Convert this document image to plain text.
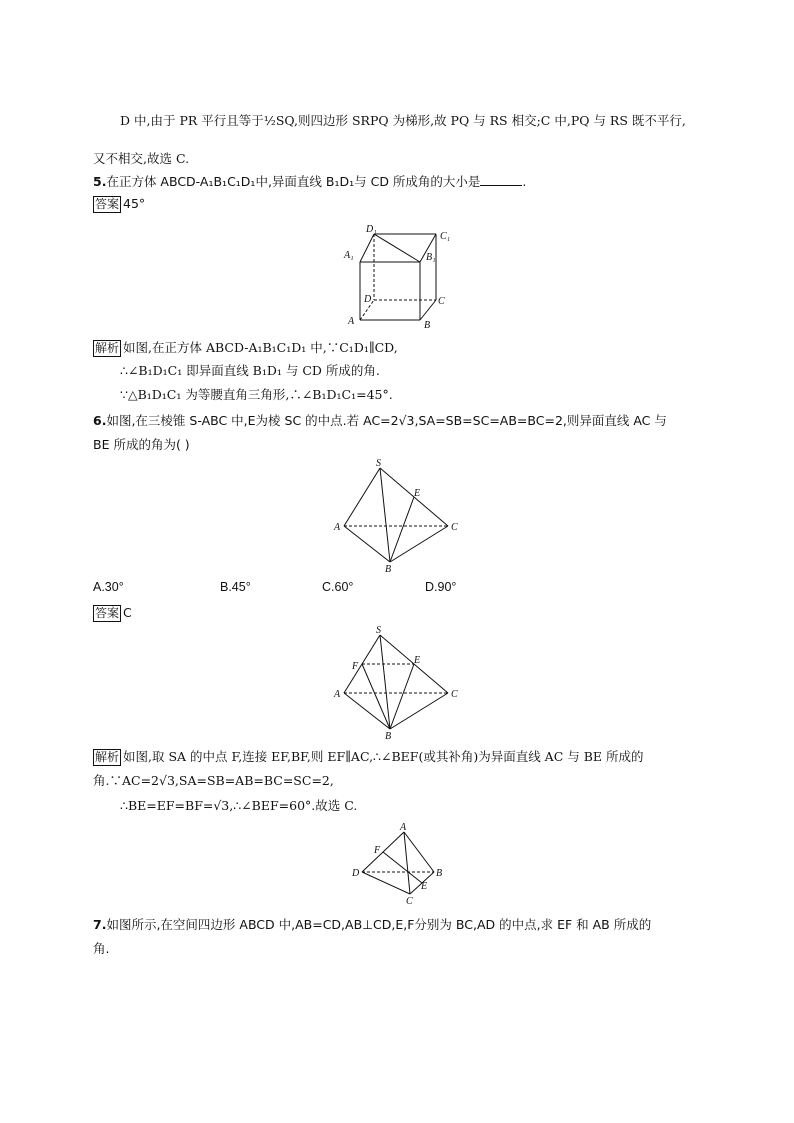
D 中,由于 PR 平行且等于½SQ,则四边形 SRPQ 为梯形,故 PQ 与 RS 相交;C 中,PQ 与 RS 既不平行,
又不相交,故选 C.
5.在正方体 ABCD-A₁B₁C₁D₁中,异面直线 B₁D₁与 CD 所成角的大小是	.
答案 45°
D₁
C₁
A₁	B₁
D	C
A	B
解析 如图,在正方体 ABCD-A₁B₁C₁D₁ 中,∵C₁D₁∥CD,
∴∠B₁D₁C₁ 即异面直线 B₁D₁ 与 CD 所成的角.
∵△B₁D₁C₁ 为等腰直角三角形,∴∠B₁D₁C₁=45°.
6.如图,在三棱锥 S-ABC 中,E为棱 SC 的中点.若 AC=2√3,SA=SB=SC=AB=BC=2,则异面直线 AC 与
BE 所成的角为( )
S
E
A	C
B
A.30°	B.45°	C.60°	D.90°
答案 C
S
F
E
A	C
B
解析 如图,取 SA 的中点 F,连接 EF,BF,则 EF∥AC,∴∠BEF(或其补角)为异面直线 AC 与 BE 所成的
角.∵AC=2√3,SA=SB=AB=BC=SC=2,
∴BE=EF=BF=√3,∴∠BEF=60°.故选 C.
A
F
D	B
E
C
7.如图所示,在空间四边形 ABCD 中,AB=CD,AB⊥CD,E,F分别为 BC,AD 的中点,求 EF 和 AB 所成的
角.
